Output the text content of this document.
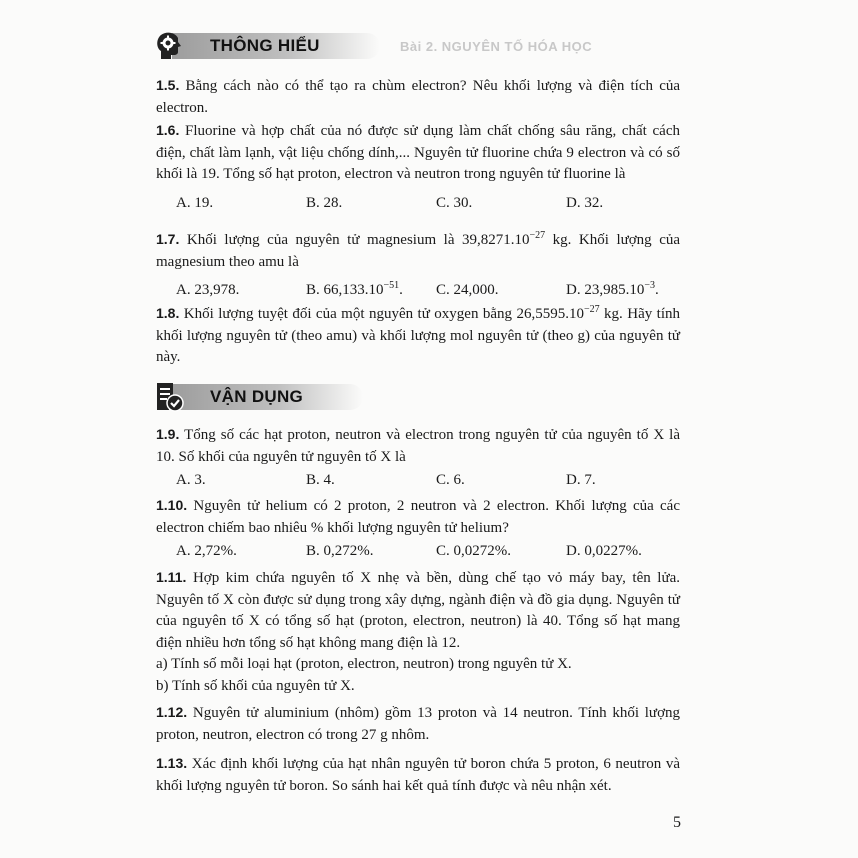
Bài 2. NGUYÊN TỐ HÓA HỌC
THÔNG HIỂU

1.5. Bằng cách nào có thể tạo ra chùm electron? Nêu khối lượng và điện tích của electron.

1.6. Fluorine và hợp chất của nó được sử dụng làm chất chống sâu răng, chất cách điện, chất làm lạnh, vật liệu chống dính,... Nguyên tử fluorine chứa 9 electron và có số khối là 19. Tổng số hạt proton, electron và neutron trong nguyên tử fluorine là

A. 19.	B. 28.	C. 30.	D. 32.

1.7. Khối lượng của nguyên tử magnesium là $39,8271.10^{-27}$ kg. Khối lượng của magnesium theo amu là

A. 23,978.	B. $66,133.10^{-51}$.	C. 24,000.	D. $23,985.10^{-3}$.

1.8. Khối lượng tuyệt đối của một nguyên tử oxygen bằng $26,5595.10^{-27}$ kg. Hãy tính khối lượng nguyên tử (theo amu) và khối lượng mol nguyên tử (theo g) của nguyên tử này.

VẬN DỤNG

1.9. Tổng số các hạt proton, neutron và electron trong nguyên tử của nguyên tố X là 10. Số khối của nguyên tử nguyên tố X là

A. 3.	B. 4.	C. 6.	D. 7.

1.10. Nguyên tử helium có 2 proton, 2 neutron và 2 electron. Khối lượng của các electron chiếm bao nhiêu % khối lượng nguyên tử helium?

A. 2,72%.	B. 0,272%.	C. 0,0272%.	D. 0,0227%.

1.11. Hợp kim chứa nguyên tố X nhẹ và bền, dùng chế tạo vỏ máy bay, tên lửa. Nguyên tố X còn được sử dụng trong xây dựng, ngành điện và đồ gia dụng. Nguyên tử của nguyên tố X có tổng số hạt (proton, electron, neutron) là 40. Tổng số hạt mang điện nhiều hơn tổng số hạt không mang điện là 12.

a) Tính số mỗi loại hạt (proton, electron, neutron) trong nguyên tử X.

b) Tính số khối của nguyên tử X.

1.12. Nguyên tử aluminium (nhôm) gồm 13 proton và 14 neutron. Tính khối lượng proton, neutron, electron có trong 27 g nhôm.

1.13. Xác định khối lượng của hạt nhân nguyên tử boron chứa 5 proton, 6 neutron và khối lượng nguyên tử boron. So sánh hai kết quả tính được và nêu nhận xét.

5
